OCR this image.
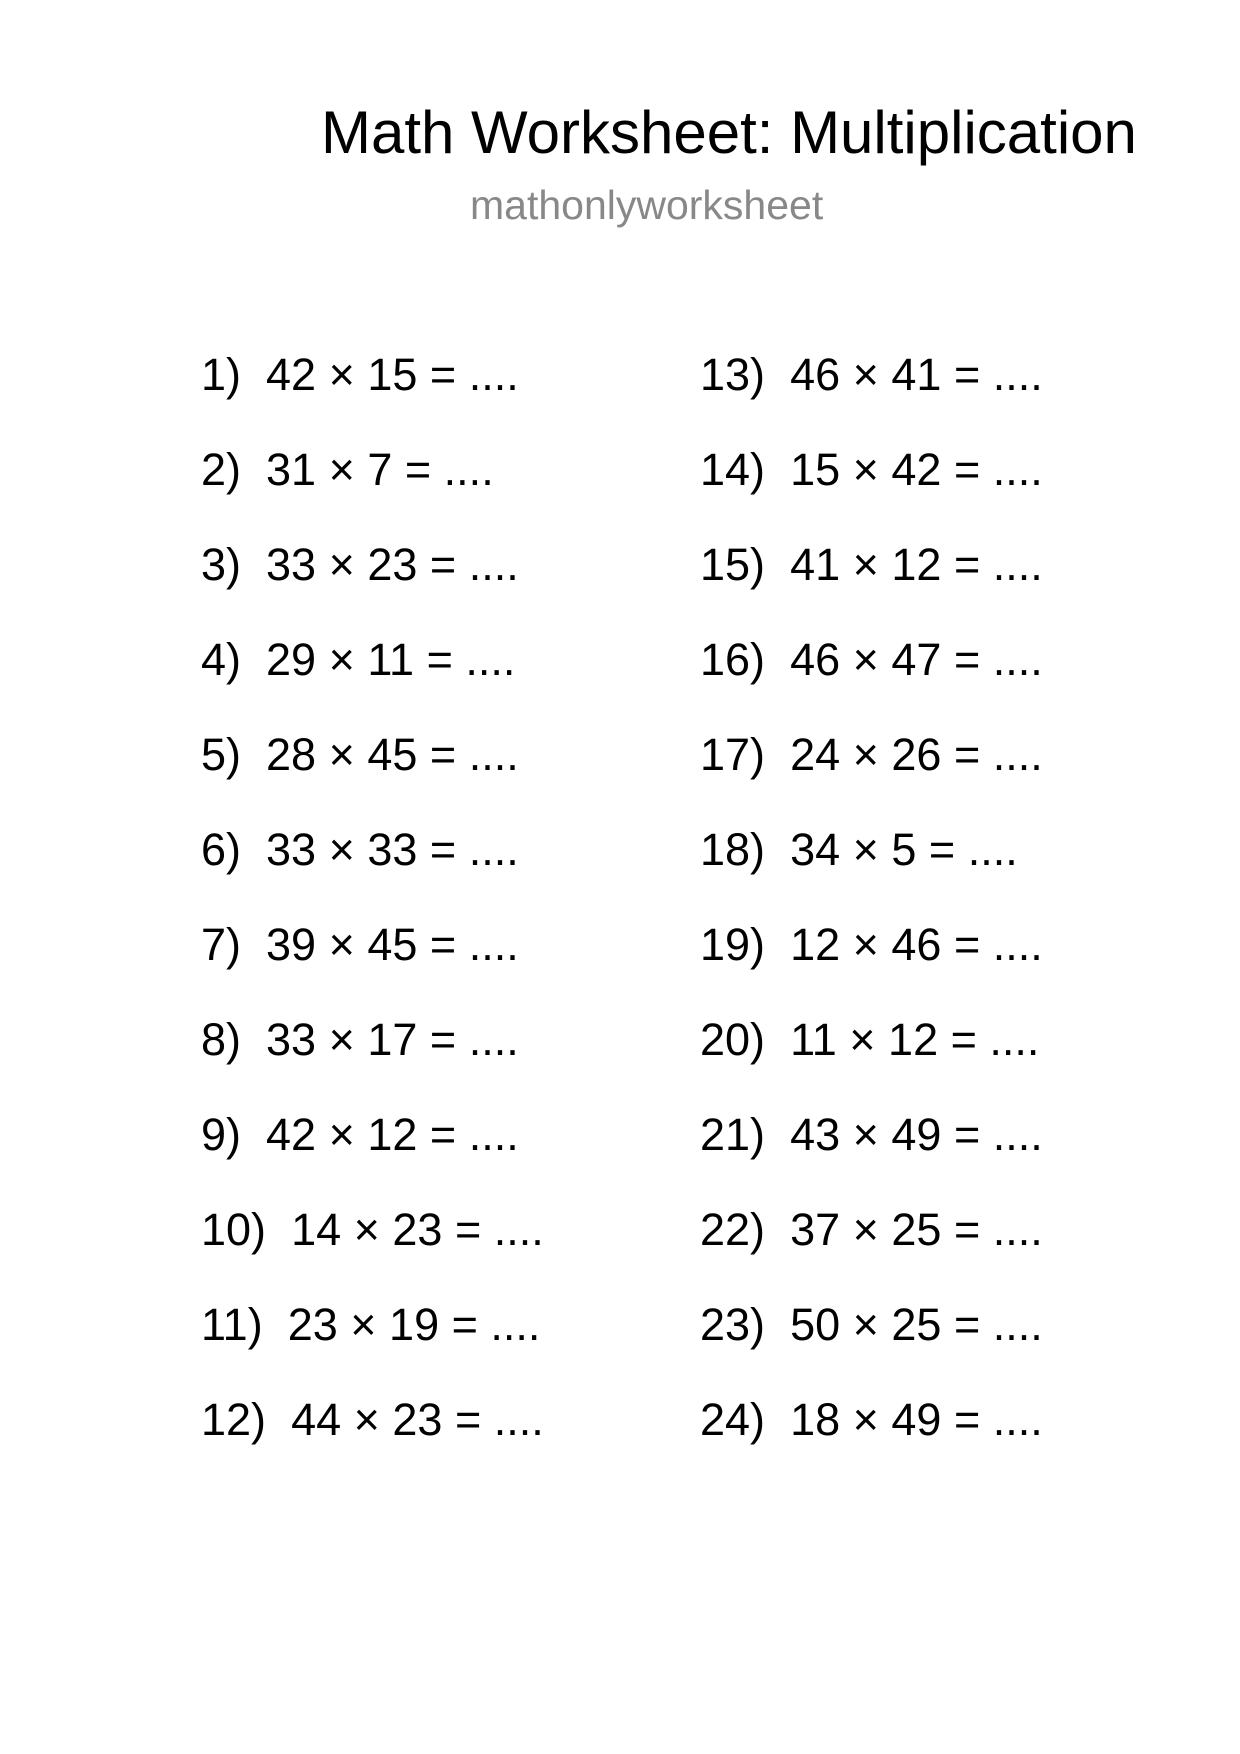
Math Worksheet: Multiplication
mathonlyworksheet
1) 42 × 15 = ....
2) 31 × 7 = ....
3) 33 × 23 = ....
4) 29 × 11 = ....
5) 28 × 45 = ....
6) 33 × 33 = ....
7) 39 × 45 = ....
8) 33 × 17 = ....
9) 42 × 12 = ....
10) 14 × 23 = ....
11) 23 × 19 = ....
12) 44 × 23 = ....
13) 46 × 41 = ....
14) 15 × 42 = ....
15) 41 × 12 = ....
16) 46 × 47 = ....
17) 24 × 26 = ....
18) 34 × 5 = ....
19) 12 × 46 = ....
20) 11 × 12 = ....
21) 43 × 49 = ....
22) 37 × 25 = ....
23) 50 × 25 = ....
24) 18 × 49 = ....
